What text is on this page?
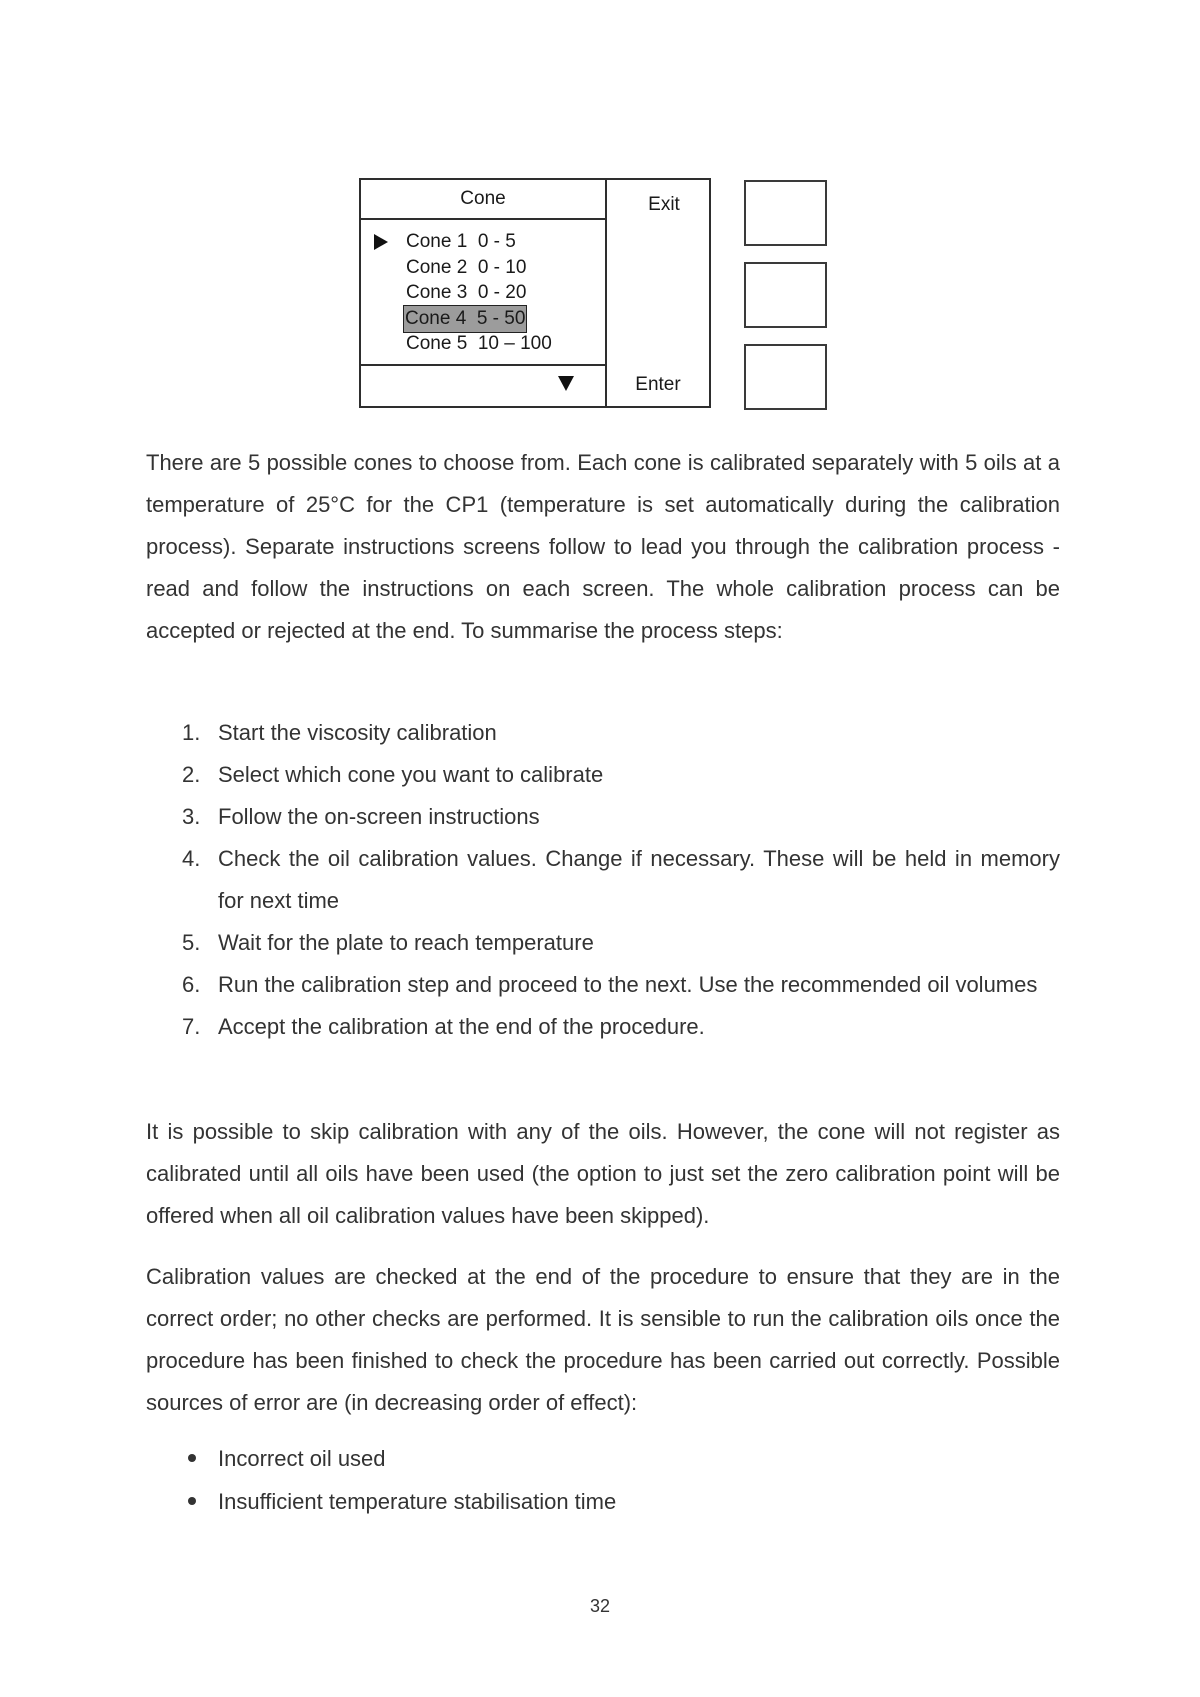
Cone
Cone 1  0 - 5
Cone 2  0 - 10
Cone 3  0 - 20
Cone 4  5 - 50
Cone 5  10 – 100
Exit
Enter

There are 5 possible cones to choose from. Each cone is calibrated separately with 5 oils at a temperature of 25°C for the CP1 (temperature is set automatically during the calibration process). Separate instructions screens follow to lead you through the calibration process - read and follow the instructions on each screen. The whole calibration process can be accepted or rejected at the end. To summarise the process steps:

1. Start the viscosity calibration
2. Select which cone you want to calibrate
3. Follow the on-screen instructions
4. Check the oil calibration values. Change if necessary. These will be held in memory for next time
5. Wait for the plate to reach temperature
6. Run the calibration step and proceed to the next. Use the recommended oil volumes
7. Accept the calibration at the end of the procedure.

It is possible to skip calibration with any of the oils. However, the cone will not register as calibrated until all oils have been used (the option to just set the zero calibration point will be offered when all oil calibration values have been skipped).

Calibration values are checked at the end of the procedure to ensure that they are in the correct order; no other checks are performed. It is sensible to run the calibration oils once the procedure has been finished to check the procedure has been carried out correctly. Possible sources of error are (in decreasing order of effect):

Incorrect oil used
Insufficient temperature stabilisation time
32
